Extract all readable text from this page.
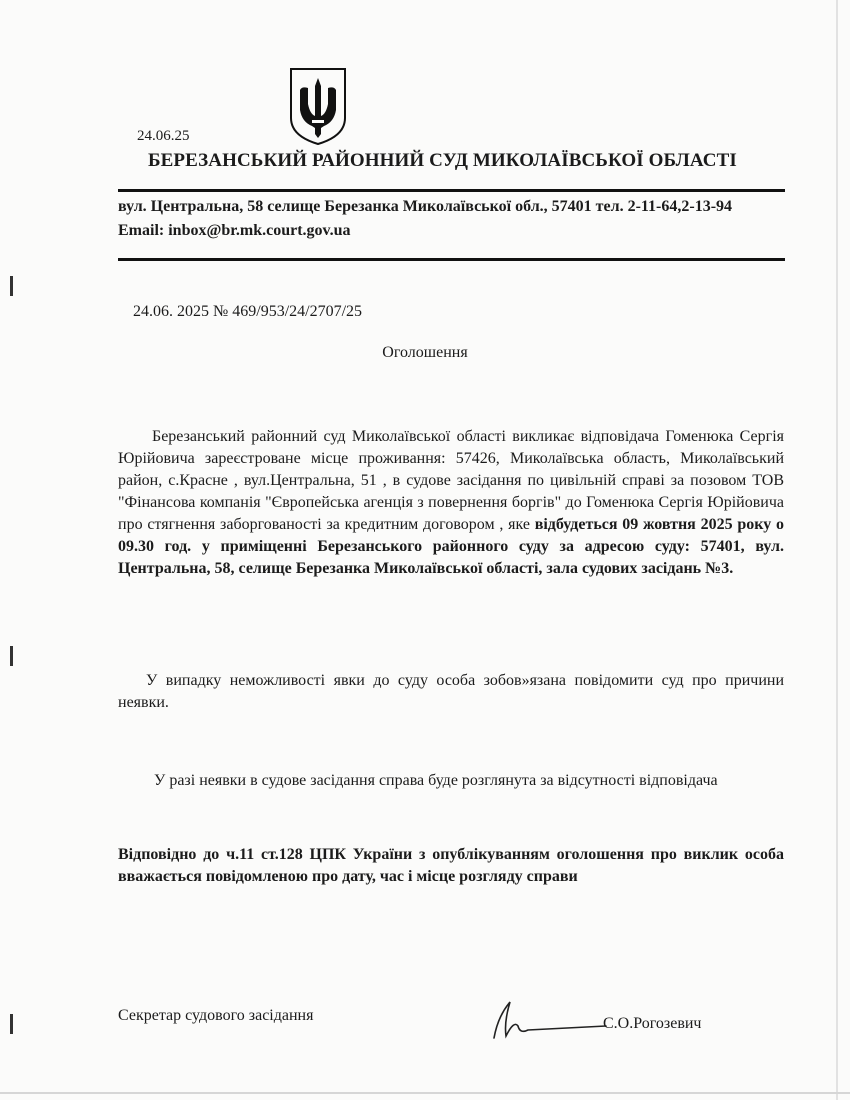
24.06.25

БЕРЕЗАНСЬКИЙ РАЙОННИЙ СУД МИКОЛАЇВСЬКОЇ ОБЛАСТІ

вул. Центральна, 58 селище Березанка Миколаївської обл., 57401 тел. 2-11-64,2-13-94 Email: inbox@br.mk.court.gov.ua

24.06. 2025 № 469/953/24/2707/25

Оголошення

Березанський районний суд Миколаївської області викликає відповідача Гоменюка Сергія Юрійовича зареєстроване місце проживання: 57426, Миколаївська область, Миколаївський район, с.Красне , вул.Центральна, 51 , в судове засідання по цивільній справі за позовом ТОВ "Фінансова компанія "Європейська агенція з повернення боргів" до Гоменюка Сергія Юрійовича про стягнення заборгованості за кредитним договором , яке відбудеться 09 жовтня 2025 року о 09.30 год. у приміщенні Березанського районного суду за адресою суду: 57401, вул. Центральна, 58, селище Березанка Миколаївської області, зала судових засідань №3.

У випадку неможливості явки до суду особа зобов»язана повідомити суд про причини неявки.

У разі неявки в судове засідання справа буде розглянута за відсутності відповідача

Відповідно до ч.11 ст.128 ЦПК України з опублікуванням оголошення про виклик особа вважається повідомленою про дату, час і місце розгляду справи

Секретар судового засідання	С.О.Рогозевич
